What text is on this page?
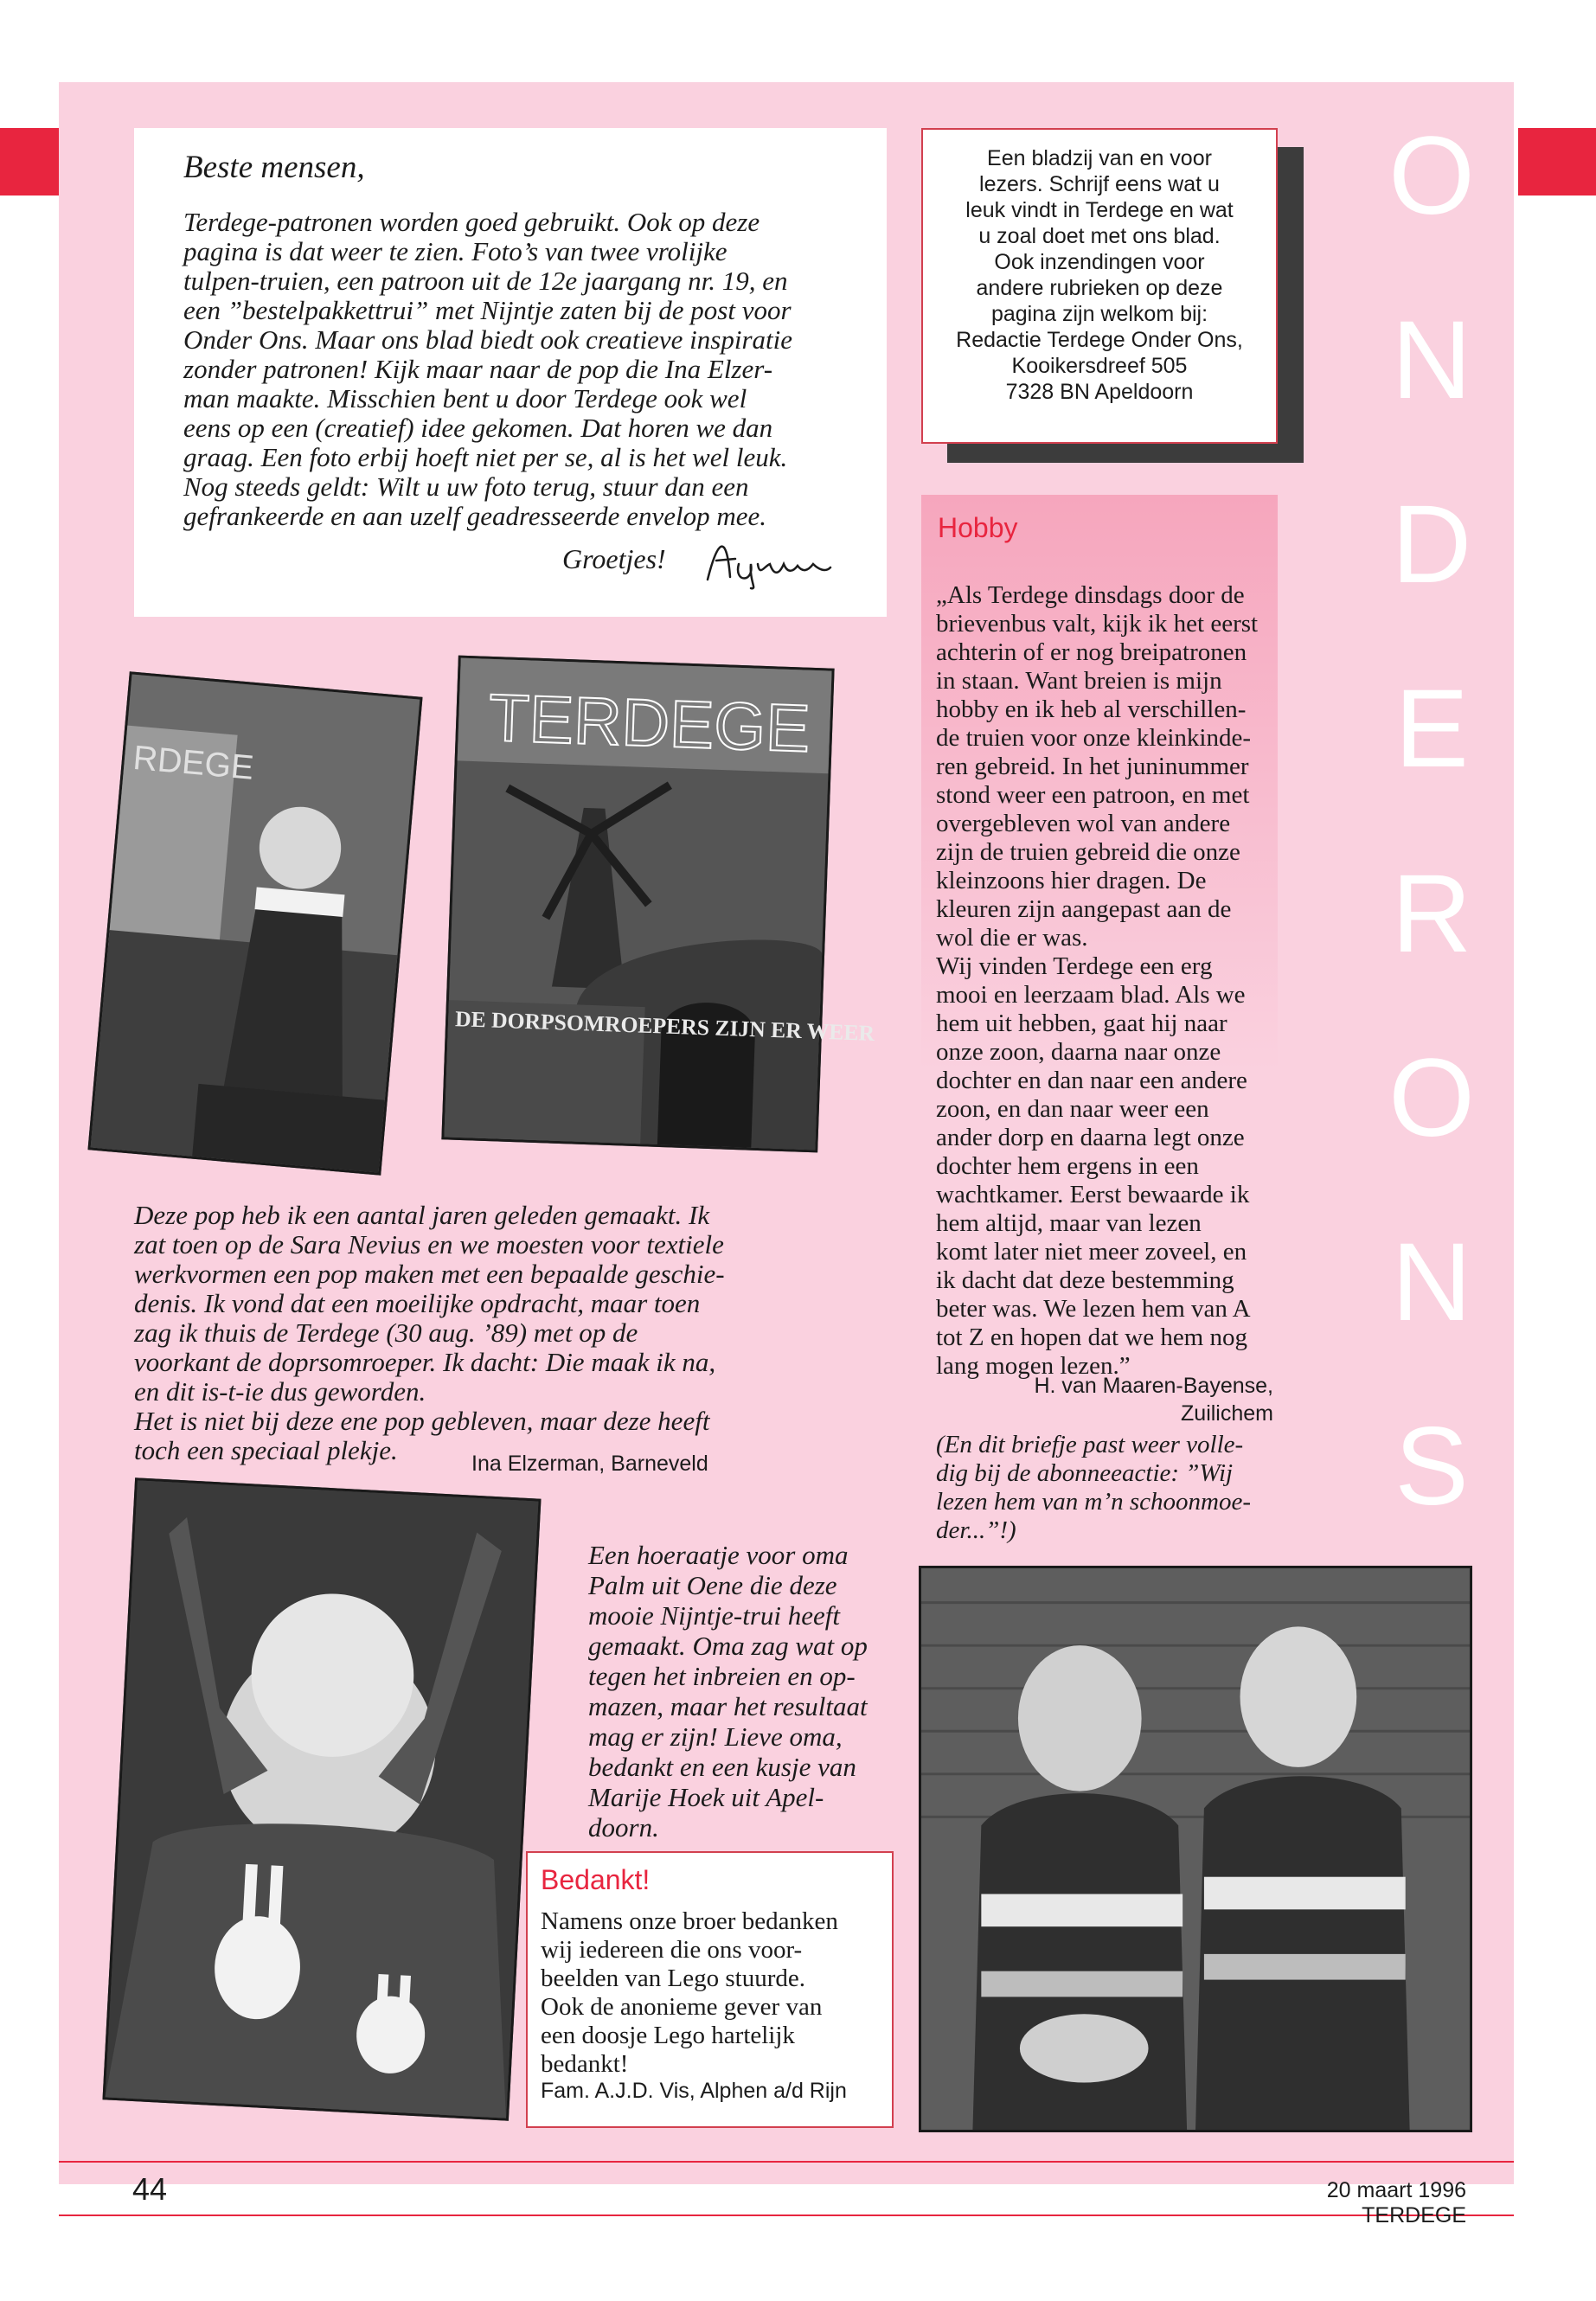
O
N
D
E
R
O
N
S
Beste mensen,
Terdege-patronen worden goed gebruikt. Ook op deze
pagina is dat weer te zien. Foto’s van twee vrolijke
tulpen-truien, een patroon uit de 12e jaargang nr. 19, en
een ”bestelpakkettrui” met Nijntje zaten bij de post voor
Onder Ons. Maar ons blad biedt ook creatieve inspiratie
zonder patronen! Kijk maar naar de pop die Ina Elzer-
man maakte. Misschien bent u door Terdege ook wel
eens op een (creatief) idee gekomen. Dat horen we dan
graag. Een foto erbij hoeft niet per se, al is het wel leuk.
Nog steeds geldt: Wilt u uw foto terug, stuur dan een
gefrankeerde en aan uzelf geadresseerde envelop mee.
Groetjes!
Een bladzij van en voor
lezers. Schrijf eens wat u
leuk vindt in Terdege en wat
u zoal doet met ons blad.
Ook inzendingen voor
andere rubrieken op deze
pagina zijn welkom bij:
Redactie Terdege Onder Ons,
Kooikersdreef 505
7328 BN Apeldoorn
Hobby
„Als Terdege dinsdags door de
brievenbus valt, kijk ik het eerst
achterin of er nog breipatronen
in staan. Want breien is mijn
hobby en ik heb al verschillen-
de truien voor onze kleinkinde-
ren gebreid. In het juninummer
stond weer een patroon, en met
overgebleven wol van andere
zijn de truien gebreid die onze
kleinzoons hier dragen. De
kleuren zijn aangepast aan de
wol die er was.
Wij vinden Terdege een erg
mooi en leerzaam blad. Als we
hem uit hebben, gaat hij naar
onze zoon, daarna naar onze
dochter en dan naar een andere
zoon, en dan naar weer een
ander dorp en daarna legt onze
dochter hem ergens in een
wachtkamer. Eerst bewaarde ik
hem altijd, maar van lezen
komt later niet meer zoveel, en
ik dacht dat deze bestemming
beter was. We lezen hem van A
tot Z en hopen dat we hem nog
lang mogen lezen.”
H. van Maaren-Bayense,
Zuilichem
(En dit briefje past weer volle-
dig bij de abonneeactie: ”Wij
lezen hem van m’n schoonmoe-
der...”!)
RDEGE	TERDEGE
DE DORPSOMROEPERS ZIJN ER WEER
Deze pop heb ik een aantal jaren geleden gemaakt. Ik
zat toen op de Sara Nevius en we moesten voor textiele
werkvormen een pop maken met een bepaalde geschie-
denis. Ik vond dat een moeilijke opdracht, maar toen
zag ik thuis de Terdege (30 aug. ’89) met op de
voorkant de doprsomroeper. Ik dacht: Die maak ik na,
en dit is-t-ie dus geworden.
Het is niet bij deze ene pop gebleven, maar deze heeft
toch een speciaal plekje.	Ina Elzerman, Barneveld
Een hoeraatje voor oma
Palm uit Oene die deze
mooie Nijntje-trui heeft
gemaakt. Oma zag wat op
tegen het inbreien en op-
mazen, maar het resultaat
mag er zijn! Lieve oma,
bedankt en een kusje van
Marije Hoek uit Apel-
doorn.
Bedankt!
Namens onze broer bedanken
wij iedereen die ons voor-
beelden van Lego stuurde.
Ook de anonieme gever van
een doosje Lego hartelijk
bedankt!
Fam. A.J.D. Vis, Alphen a/d Rijn
44	20 maart 1996 TERDEGE
